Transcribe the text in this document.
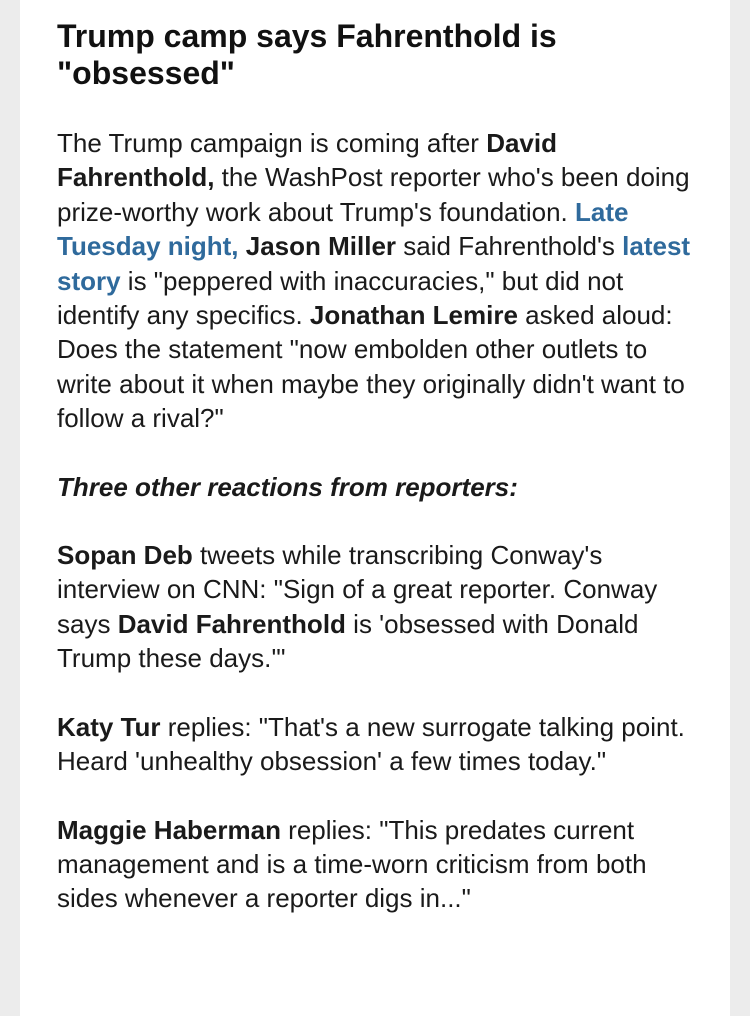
Trump camp says Fahrenthold is "obsessed"

The Trump campaign is coming after David Fahrenthold, the WashPost reporter who's been doing prize-worthy work about Trump's foundation. Late Tuesday night, Jason Miller said Fahrenthold's latest story is "peppered with inaccuracies," but did not identify any specifics. Jonathan Lemire asked aloud: Does the statement "now embolden other outlets to write about it when maybe they originally didn't want to follow a rival?"

Three other reactions from reporters:

Sopan Deb tweets while transcribing Conway's interview on CNN: "Sign of a great reporter. Conway says David Fahrenthold is 'obsessed with Donald Trump these days.'"

Katy Tur replies: "That's a new surrogate talking point. Heard 'unhealthy obsession' a few times today."

Maggie Haberman replies: "This predates current management and is a time-worn criticism from both sides whenever a reporter digs in..."
